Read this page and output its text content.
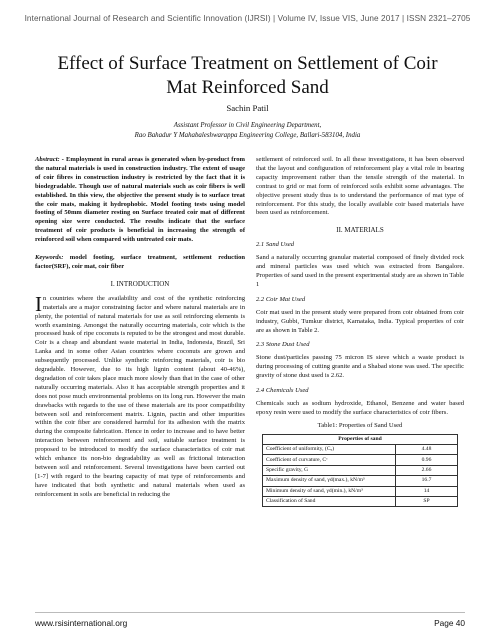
International Journal of Research and Scientific Innovation (IJRSI) | Volume IV, Issue VIS, June 2017 | ISSN 2321–2705
Effect of Surface Treatment on Settlement of Coir Mat Reinforced Sand
Sachin Patil
Assistant Professor in Civil Engineering Department,
Rao Bahadur Y Mahabaleshwarappa Engineering College, Ballari-583104, India

Abstract: - Employment in rural areas is generated when by-product from the natural materials is used in construction industry. The extent of usage of coir fibres in construction industry is restricted by the fact that it is biodegradable. Though use of natural materials such as coir fibers is well established. In this view, the objective the present study is to surface treat the coir mats, making it hydrophobic. Model footing tests using model footing of 50mm diameter resting on Surface treated coir mat of different opening size were conducted. The results indicate that the surface treatment of coir products is beneficial in increasing the strength of reinforced soil when compared with untreated coir mats.

Keywords: model footing, surface treatment, settlement reduction factor(SRF), coir mat, coir fiber

I. INTRODUCTION

In countries where the availability and cost of the synthetic reinforcing materials are a major constraining factor and where natural materials are in plenty, the potential of natural materials for use as soil reinforcing elements is worth examining. Amongst the naturally occurring materials, coir which is the processed husk of ripe coconuts is reputed to be the strongest and most durable. Coir is a cheap and abundant waste material in India, Indonesia, Brazil, Sri Lanka and in some other Asian countries where coconuts are grown and subsequently processed. Unlike synthetic reinforcing materials, coir is bio degradable. However, due to its high lignin content (about 40-46%), degradation of coir takes place much more slowly than that in the case of other naturally occurring materials. Also it has acceptable strength properties and it does not pose much environmental problems on its long run. However the main drawbacks with regards to the use of these materials are its poor compatibility between soil and reinforcement matrix. Lignin, pactin and other impurities within the coir fiber are considered harmful for its adhesion with the matrix during the composite fabrication. Hence in order to increase and to have better interaction between reinforcement and soil, suitable surface treatment is proposed to be introduced to modify the surface characteristics of coir mat which enhance its non-bio degradability as well as frictional interaction between soil and reinforcement. Several investigations have been carried out [1-7] with regard to the bearing capacity of mat type of reinforcements and have indicated that both synthetic and natural materials when used as reinforcement in soils are beneficial in reducing the

settlement of reinforced soil. In all these investigations, it has been observed that the layout and configuration of reinforcement play a vital role in bearing capacity improvement rather than the tensile strength of the material. In contrast to grid or mat form of reinforced soils exhibit some advantages. The objective present study thus is to understand the performance of mat type of reinforcement. For this study, the locally available coir based materials have been used as reinforcement.

II. MATERIALS
2.1 Sand Used

Sand a naturally occurring granular material composed of finely divided rock and mineral particles was used which was extracted from Bangalore. Properties of sand used in the present experimental study are as shown in Table 1

2.2 Coir Mat Used

Coir mat used in the present study were prepared from coir obtained from coir industry, Gubbi, Tumkur district, Karnataka, India. Typical properties of coir are as shown in Table 2.

2.3 Stone Dust Used

Stone dust/particles passing 75 micron IS sieve which a waste product is during processing of cutting granite and a Shabad stone was used. The specific gravity of stone dust used is 2.62.

2.4 Chemicals Used

Chemicals such as sodium hydroxide, Ethanol, Benzene and water based epoxy resin were used to modify the surface characteristics of coir fibers.

Table1: Properties of Sand Used
Properties of sand	
Coefficient of uniformity, (Cᵤ)	4.48
Coefficient of curvature, Cᶜ	0.96
Specific gravity, G	2.66
Maximum density of sand, γd(max.), kN/m³	16.7
Minimum density of sand, γd(min.), kN/m³	14
Classification of Sand	SP
www.rsisinternational.org	Page 40
